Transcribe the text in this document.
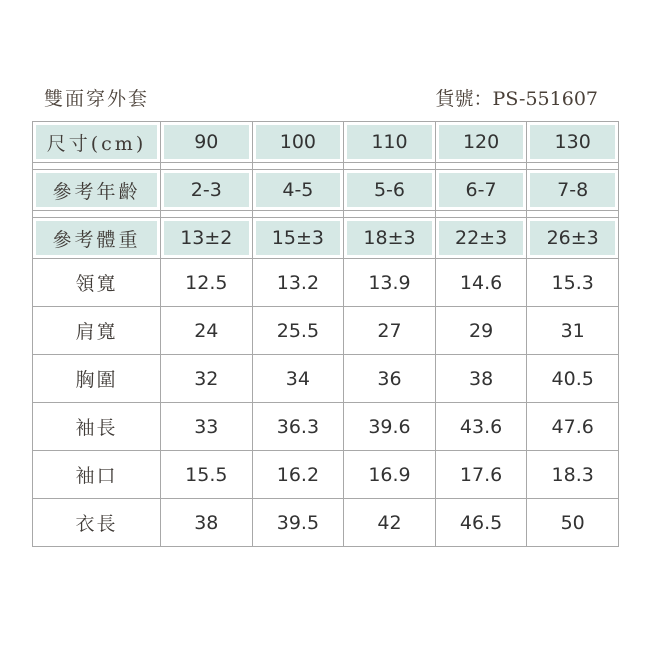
雙面穿外套	貨號：PS-551607
尺寸(cm)	90	100	110	120	130

參考年齡	2-3	4-5	5-6	6-7	7-8

參考體重	13±2	15±3	18±3	22±3	26±3
領寬	12.5	13.2	13.9	14.6	15.3
肩寬	24	25.5	27	29	31
胸圍	32	34	36	38	40.5
袖長	33	36.3	39.6	43.6	47.6
袖口	15.5	16.2	16.9	17.6	18.3
衣長	38	39.5	42	46.5	50
